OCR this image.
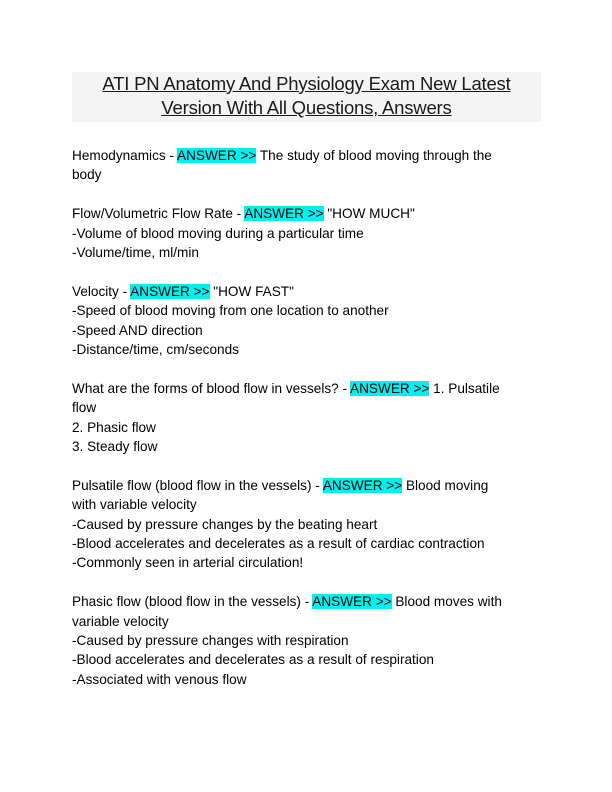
ATI PN Anatomy And Physiology Exam New Latest
Version With All Questions, Answers

Hemodynamics - ANSWER >> The study of blood moving through the

body

Flow/Volumetric Flow Rate - ANSWER >> "HOW MUCH"

-Volume of blood moving during a particular time

-Volume/time, ml/min

Velocity - ANSWER >> "HOW FAST"

-Speed of blood moving from one location to another

-Speed AND direction

-Distance/time, cm/seconds

What are the forms of blood flow in vessels? - ANSWER >> 1. Pulsatile

flow

2. Phasic flow

3. Steady flow

Pulsatile flow (blood flow in the vessels) - ANSWER >> Blood moving

with variable velocity

-Caused by pressure changes by the beating heart

-Blood accelerates and decelerates as a result of cardiac contraction

-Commonly seen in arterial circulation!

Phasic flow (blood flow in the vessels) - ANSWER >> Blood moves with

variable velocity

-Caused by pressure changes with respiration

-Blood accelerates and decelerates as a result of respiration

-Associated with venous flow
